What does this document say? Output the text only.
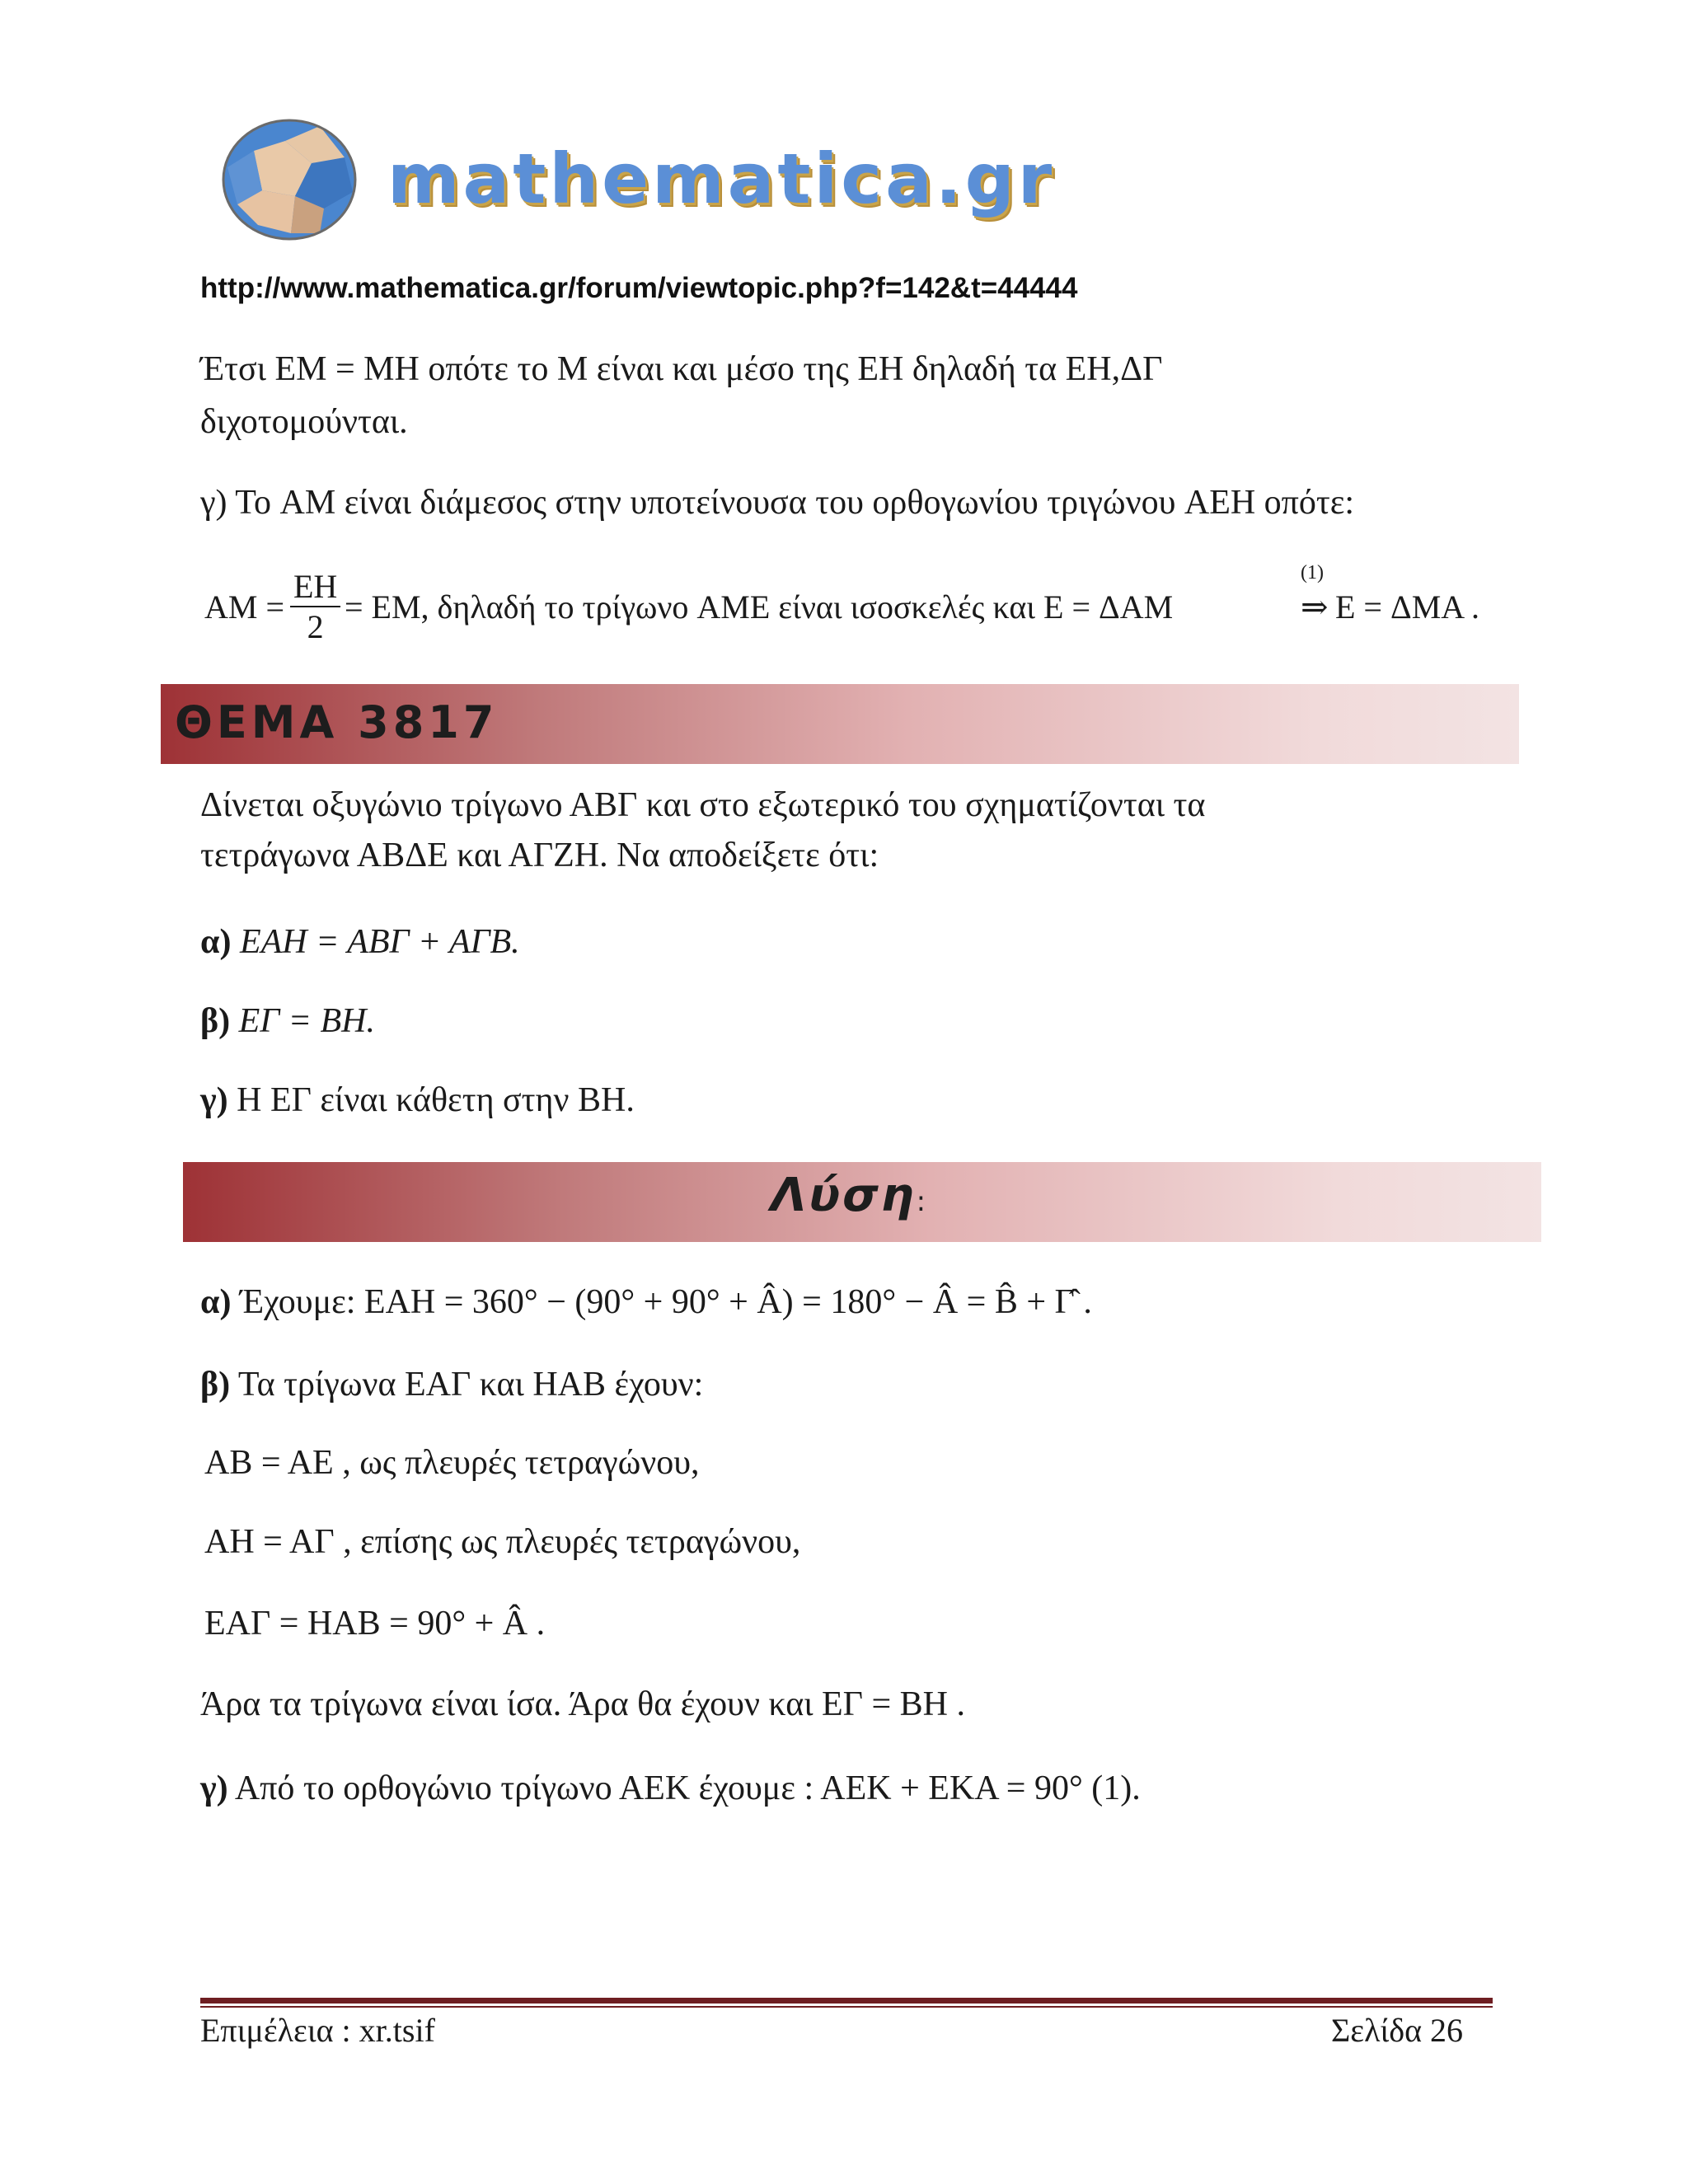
mathematica.gr
http://www.mathematica.gr/forum/viewtopic.php?f=142&t=44444
Έτσι EM = MH οπότε το M είναι και μέσο της EH δηλαδή τα EH,ΔΓ
διχοτομούνται.
γ) Το AM είναι διάμεσος στην υποτείνουσα του ορθογωνίου τριγώνου AEH οπότε:
AM = $\frac{EH}{2}$ = EM, δηλαδή το τρίγωνο AME είναι ισοσκελές και E = ΔAM
(1)
⇒ E = ΔMA .
ΘΕΜΑ 3817
Δίνεται οξυγώνιο τρίγωνο ΑΒΓ και στο εξωτερικό του σχηματίζονται τα
τετράγωνα ΑΒΔΕ και ΑΓΖΗ. Να αποδείξετε ότι:
α) ΕΑΗ = ΑΒΓ + ΑΓΒ.
β) ΕΓ = ΒΗ.
γ) Η ΕΓ είναι κάθετη στην ΒΗ.
Λύση:
α) Έχουμε: ΕΑΗ = 360° − (90° + 90° + Â) = 180° − Â = B̂ + Γ̂ .
β) Τα τρίγωνα ΕΑΓ και ΗΑΒ έχουν:
ΑΒ = ΑΕ , ως πλευρές τετραγώνου,
ΑΗ = ΑΓ , επίσης ως πλευρές τετραγώνου,
ΕΑΓ = ΗΑΒ = 90° + Â .
Άρα τα τρίγωνα είναι ίσα. Άρα θα έχουν και ΕΓ = ΒΗ .
γ) Από το ορθογώνιο τρίγωνο ΑΕΚ έχουμε : ΑΕΚ + ΕΚΑ = 90° (1).
Επιμέλεια : xr.tsif	Σελίδα 26
